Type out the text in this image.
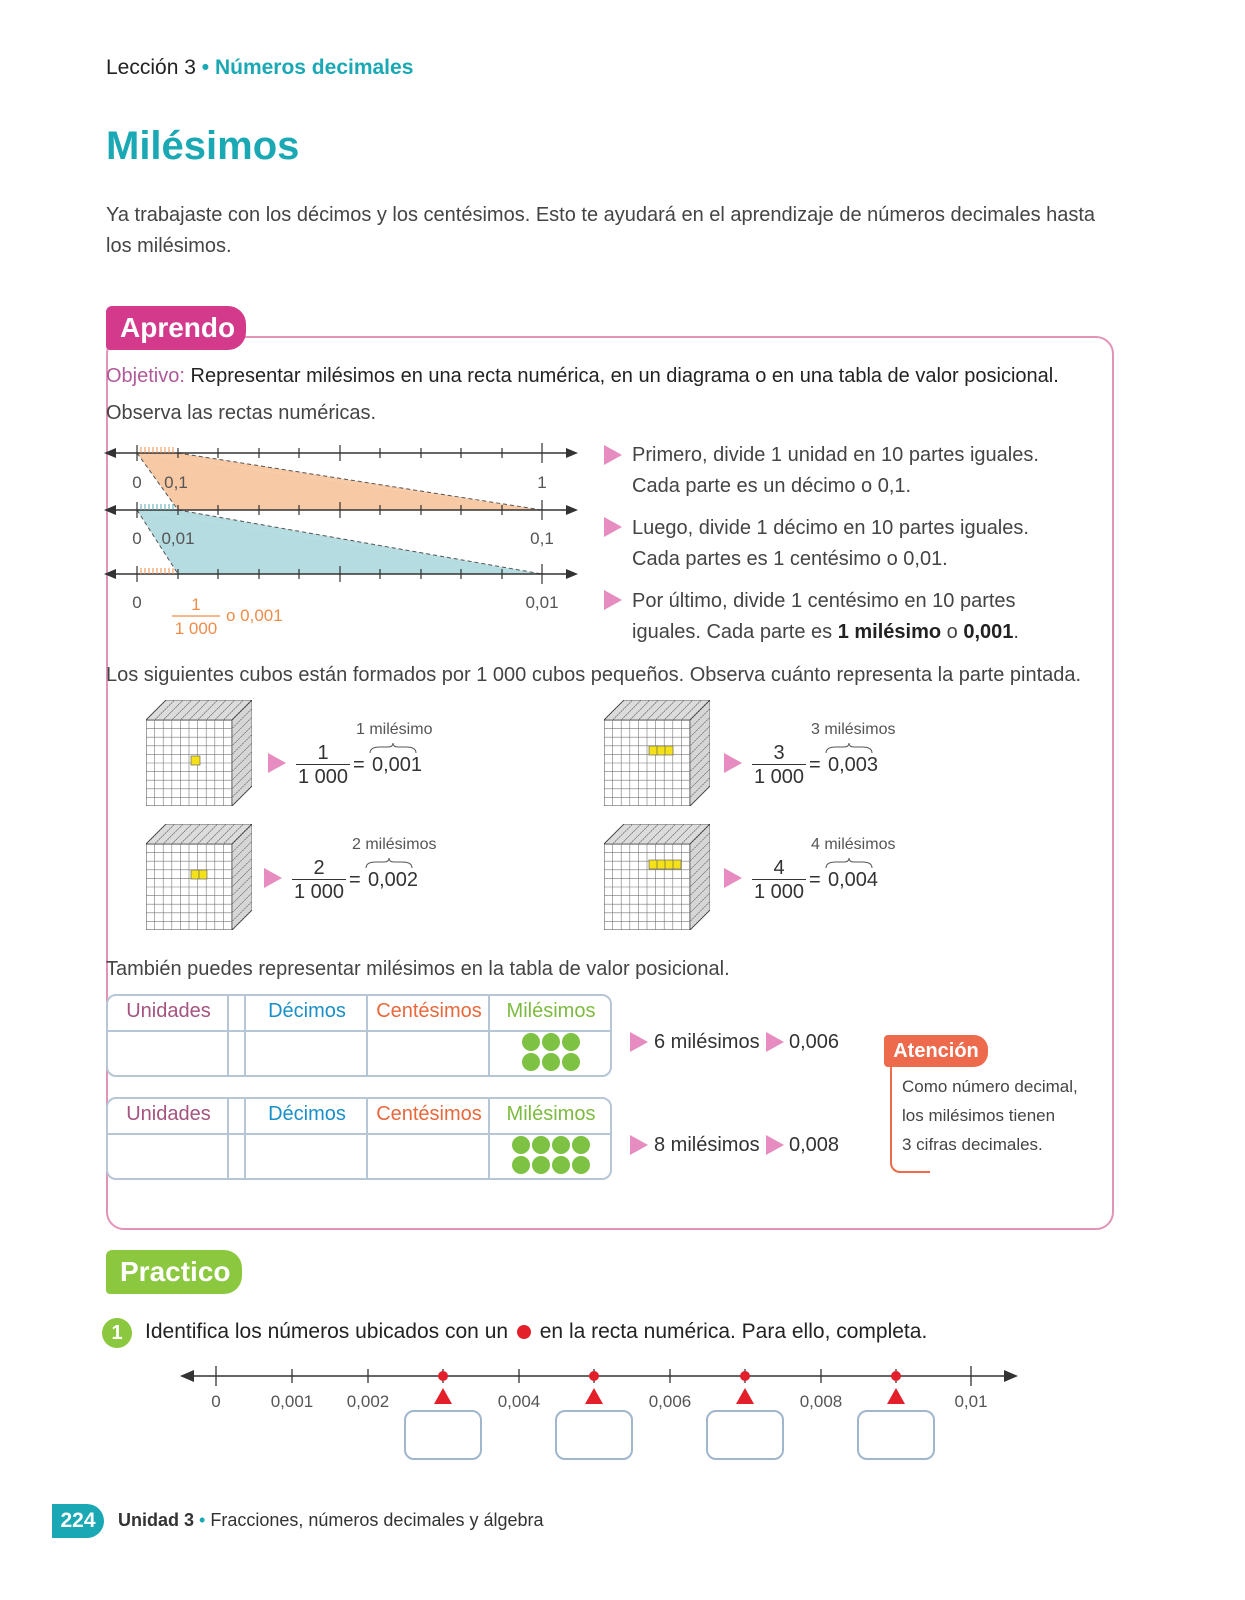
Lección 3 • Números decimales
Milésimos
Ya trabajaste con los décimos y los centésimos. Esto te ayudará en el aprendizaje de números decimales hasta los milésimos.
Aprendo
Objetivo: Representar milésimos en una recta numérica, en un diagrama o en una tabla de valor posicional.
Observa las rectas numéricas.
0 0,1	1
0 0,01	0,1
0	0,01
1
1 000
o 0,001
Primero, divide 1 unidad en 10 partes iguales.
Cada parte es un décimo o 0,1.
Luego, divide 1 décimo en 10 partes iguales.
Cada partes es 1 centésimo o 0,01.
Por último, divide 1 centésimo en 10 partes
iguales. Cada parte es 1 milésimo o 0,001.
Los siguientes cubos están formados por 1 000 cubos pequeños. Observa cuánto representa la parte pintada.
$\frac{1}{1 000} = 0,001$
1 milésimo
$\frac{3}{1 000} = 0,003$
3 milésimos
$\frac{2}{1 000} = 0,002$
2 milésimos
$\frac{4}{1 000} = 0,004$
4 milésimos
También puedes representar milésimos en la tabla de valor posicional.
Unidades	Décimos	Centésimos	Milésimos
6 milésimos 0,006
Unidades	Décimos	Centésimos	Milésimos
8 milésimos 0,008
Atención
Como número decimal,
los milésimos tienen
3 cifras decimales.
Practico
1	Identifica los números ubicados con un en la recta numérica. Para ello, completa.
0	0,001 0,002	0,004	0,006	0,008	0,01
224	Unidad 3 • Fracciones, números decimales y álgebra
